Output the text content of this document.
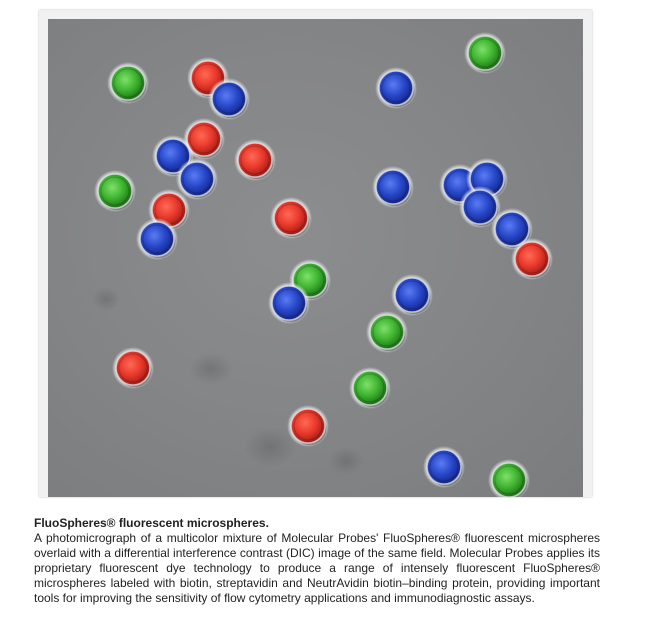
FluoSpheres® fluorescent microspheres.
A photomicrograph of a multicolor mixture of Molecular Probes' FluoSpheres® fluorescent microspheres overlaid with a differential interference contrast (DIC) image of the same field. Molecular Probes applies its proprietary fluorescent dye technology to produce a range of intensely fluorescent FluoSpheres® microspheres labeled with biotin, streptavidin and NeutrAvidin biotin–binding protein, providing important tools for improving the sensitivity of flow cytometry applications and immunodiagnostic assays.
